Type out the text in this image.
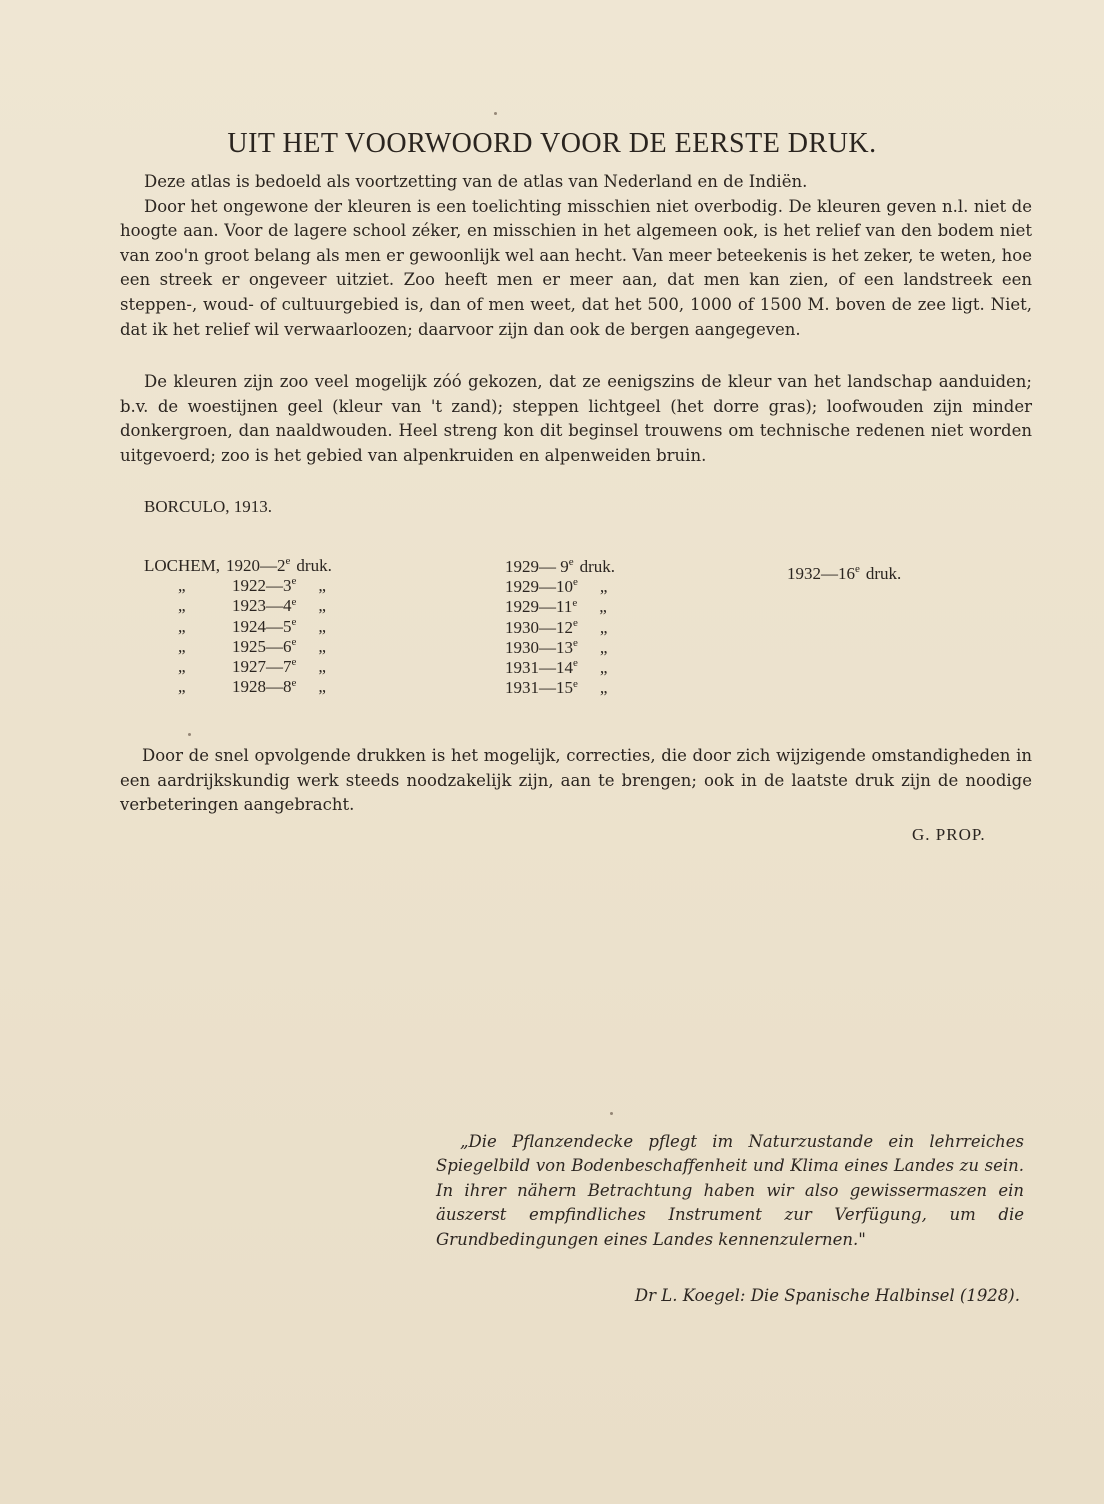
UIT HET VOORWOORD VOOR DE EERSTE DRUK.

Deze atlas is bedoeld als voortzetting van de atlas van Nederland en de Indiën.

Door het ongewone der kleuren is een toelichting misschien niet overbodig. De kleuren geven n.l. niet de hoogte aan. Voor de lagere school zéker, en misschien in het algemeen ook, is het relief van den bodem niet van zoo'n groot belang als men er gewoonlijk wel aan hecht. Van meer beteekenis is het zeker, te weten, hoe een streek er ongeveer uitziet. Zoo heeft men er meer aan, dat men kan zien, of een landstreek een steppen-, woud- of cultuurgebied is, dan of men weet, dat het 500, 1000 of 1500 M. boven de zee ligt. Niet, dat ik het relief wil verwaarloozen; daarvoor zijn dan ook de bergen aangegeven.

De kleuren zijn zoo veel mogelijk zóó gekozen, dat ze eenigszins de kleur van het landschap aanduiden; b.v. de woestijnen geel (kleur van 't zand); steppen lichtgeel (het dorre gras); loofwouden zijn minder donkergroen, dan naaldwouden. Heel streng kon dit beginsel trouwens om technische redenen niet worden uitgevoerd; zoo is het gebied van alpenkruiden en alpenweiden bruin.

BORCULO, 1913.
LOCHEM, 1920—2e druk.
„	1922—3e „
„	1923—4e „
„	1924—5e „
„	1925—6e „
„	1927—7e „
„	1928—8e „
1929— 9e druk.
1929—10e „
1929—11e „
1930—12e „
1930—13e „
1931—14e „
1931—15e „
1932—16e druk.

Door de snel opvolgende drukken is het mogelijk, correcties, die door zich wijzigende omstandigheden in een aardrijkskundig werk steeds noodzakelijk zijn, aan te brengen; ook in de laatste druk zijn de noodige verbeteringen aangebracht.

G. PROP.

„Die Pflanzendecke pflegt im Naturzustande ein lehrreiches Spiegelbild von Bodenbeschaffenheit und Klima eines Landes zu sein. In ihrer nähern Betrachtung haben wir also gewissermaszen ein äuszerst empfindliches Instrument zur Verfügung, um die Grundbedingungen eines Landes kennenzulernen."

Dr L. Koegel: Die Spanische Halbinsel (1928).
